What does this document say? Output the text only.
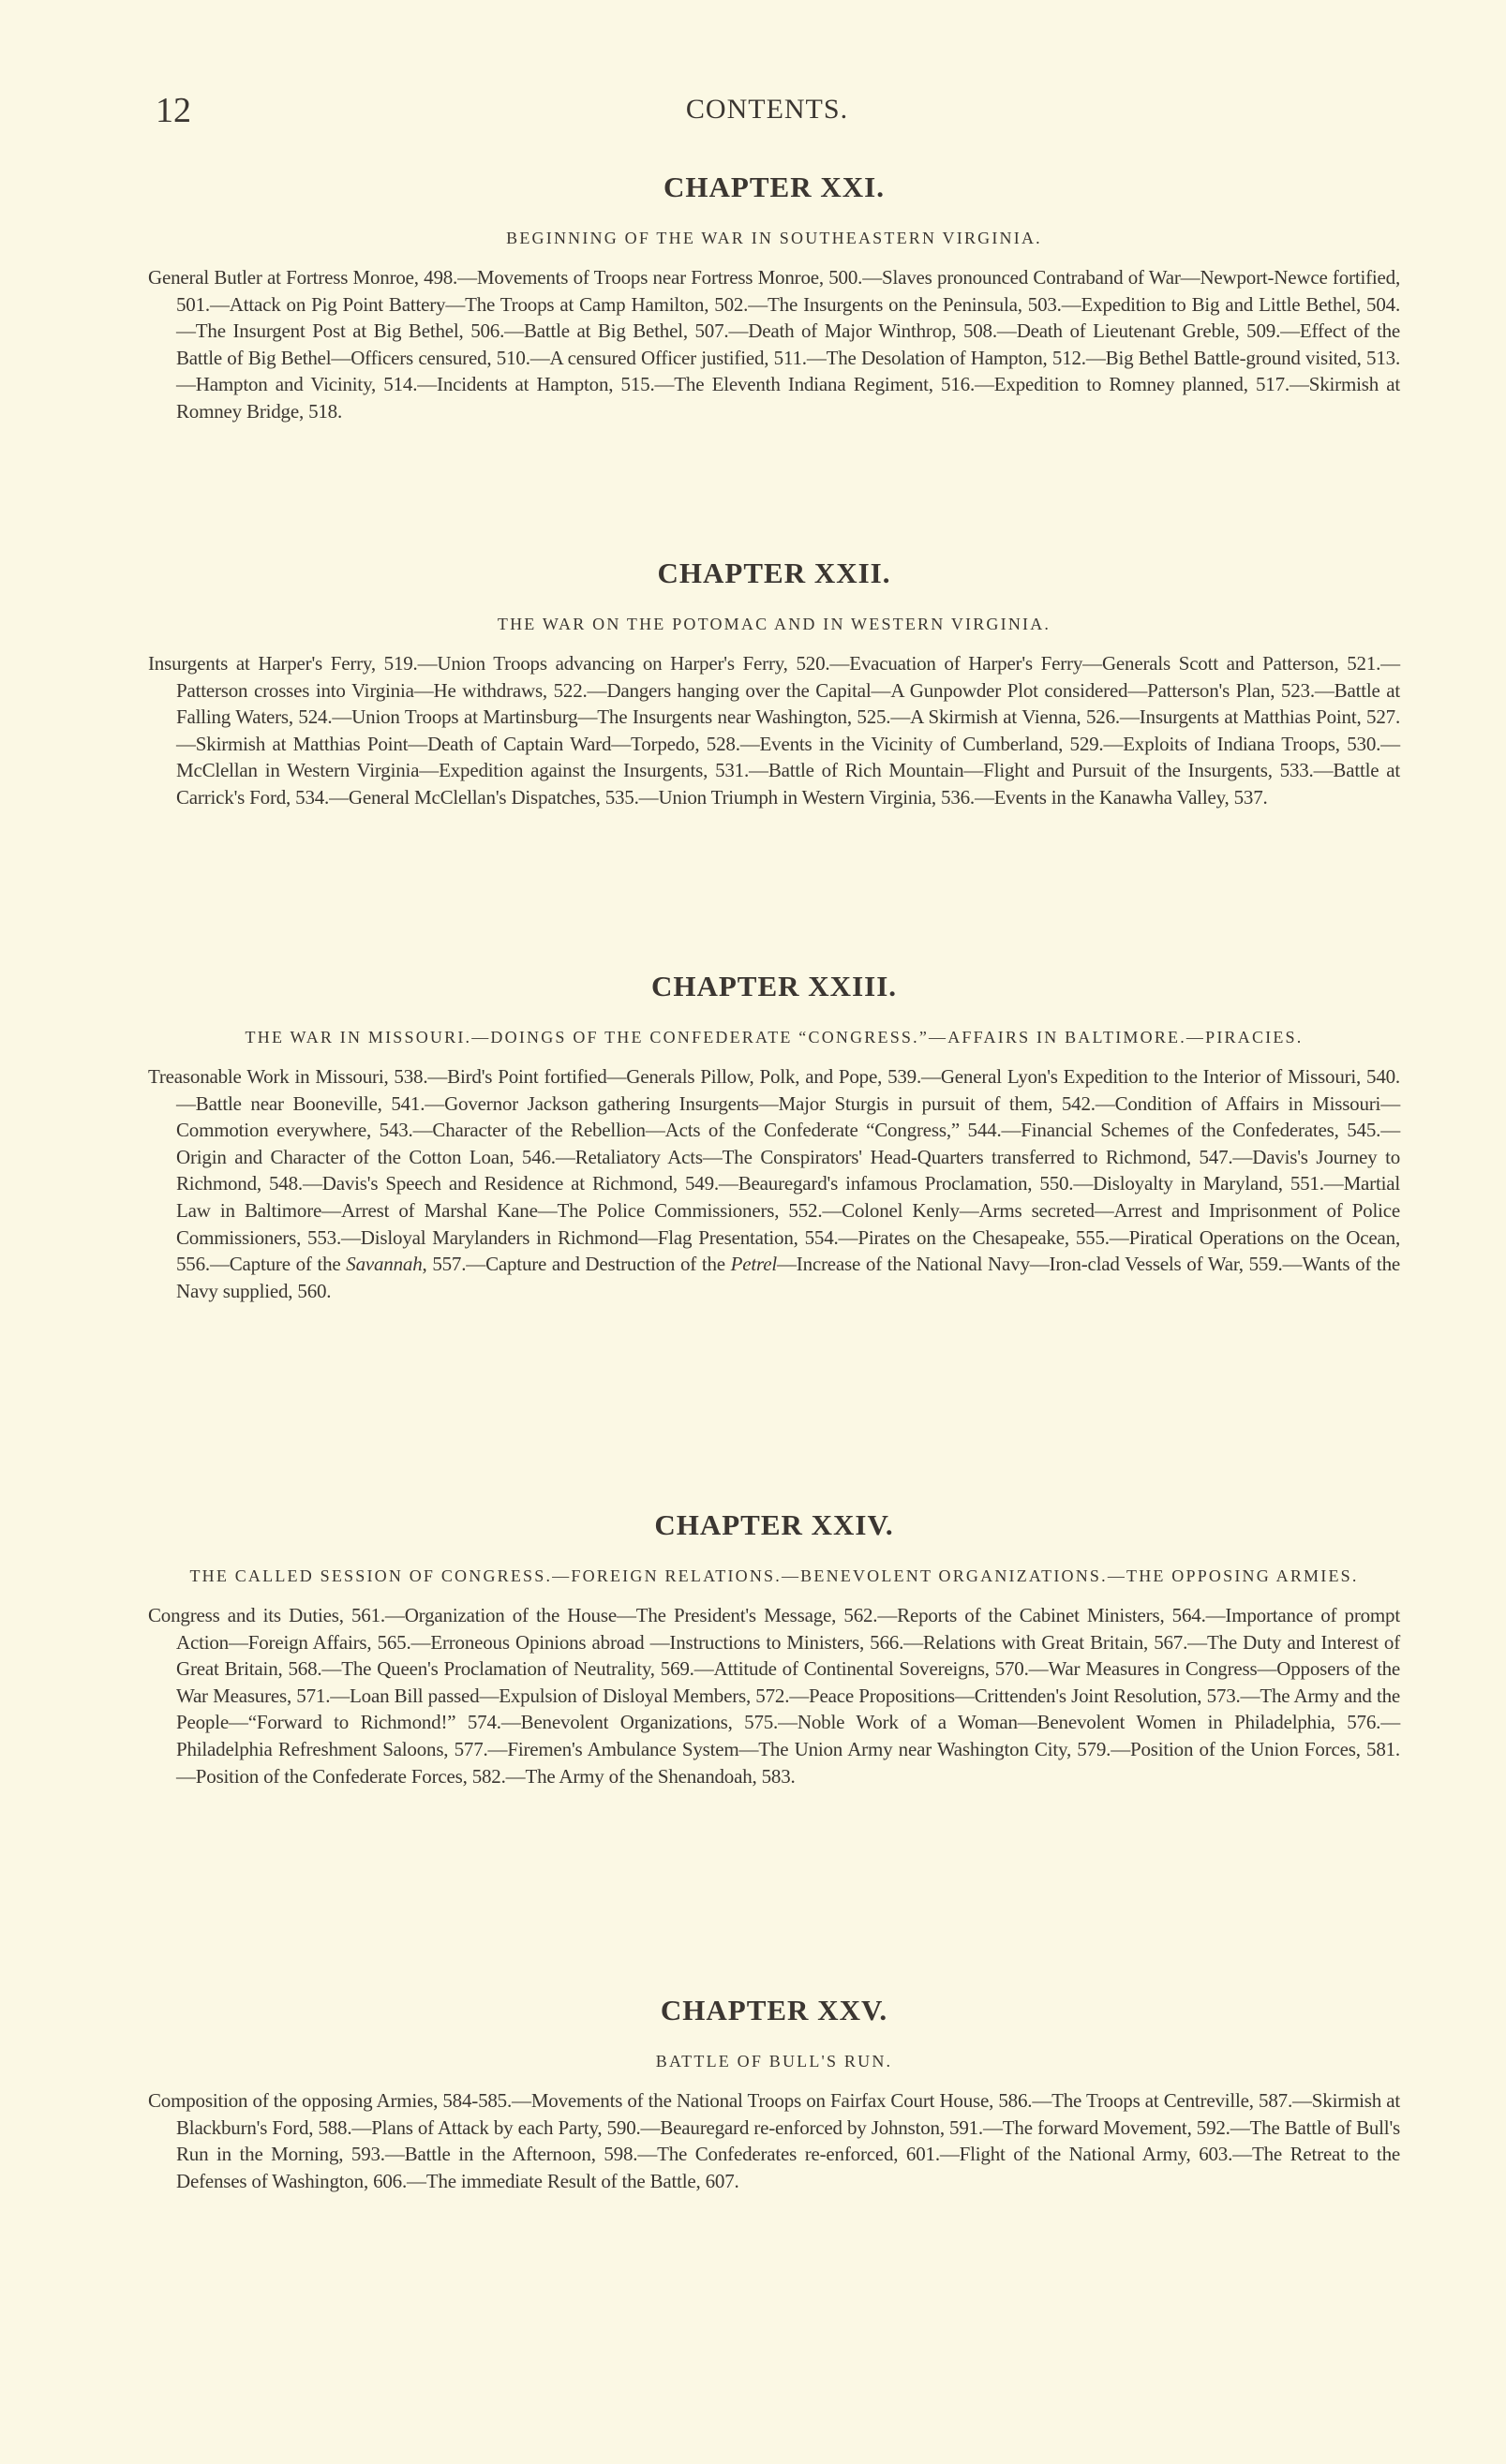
12	CONTENTS.
CHAPTER XXI.
BEGINNING OF THE WAR IN SOUTHEASTERN VIRGINIA.

General Butler at Fortress Monroe, 498.—Movements of Troops near Fortress Monroe, 500.—Slaves pronounced Contraband of War—Newport-Newce fortified, 501.—Attack on Pig Point Battery—The Troops at Camp Hamilton, 502.—The Insurgents on the Peninsula, 503.—Expedition to Big and Little Bethel, 504.—The Insurgent Post at Big Bethel, 506.—Battle at Big Bethel, 507.—Death of Major Winthrop, 508.—Death of Lieutenant Greble, 509.—Effect of the Battle of Big Bethel—Officers censured, 510.—A censured Officer justified, 511.—The Desolation of Hampton, 512.—Big Bethel Battle-ground visited, 513.—Hampton and Vicinity, 514.—Incidents at Hampton, 515.—The Eleventh Indiana Regiment, 516.—Expedition to Romney planned, 517.—Skirmish at Romney Bridge, 518.

CHAPTER XXII.
THE WAR ON THE POTOMAC AND IN WESTERN VIRGINIA.

Insurgents at Harper's Ferry, 519.—Union Troops advancing on Harper's Ferry, 520.—Evacuation of Harper's Ferry—Generals Scott and Patterson, 521.—Patterson crosses into Virginia—He withdraws, 522.—Dangers hanging over the Capital—A Gunpowder Plot considered—Patterson's Plan, 523.—Battle at Falling Waters, 524.—Union Troops at Martinsburg—The Insurgents near Washington, 525.—A Skirmish at Vienna, 526.—Insurgents at Matthias Point, 527.—Skirmish at Matthias Point—Death of Captain Ward—Torpedo, 528.—Events in the Vicinity of Cumberland, 529.—Exploits of Indiana Troops, 530.—McClellan in Western Virginia—Expedition against the Insurgents, 531.—Battle of Rich Mountain—Flight and Pursuit of the Insurgents, 533.—Battle at Carrick's Ford, 534.—General McClellan's Dispatches, 535.—Union Triumph in Western Virginia, 536.—Events in the Kanawha Valley, 537.

CHAPTER XXIII.
THE WAR IN MISSOURI.—DOINGS OF THE CONFEDERATE “CONGRESS.”—AFFAIRS IN BALTIMORE.—PIRACIES.

Treasonable Work in Missouri, 538.—Bird's Point fortified—Generals Pillow, Polk, and Pope, 539.—General Lyon's Expedition to the Interior of Missouri, 540.—Battle near Booneville, 541.—Governor Jackson gathering Insurgents—Major Sturgis in pursuit of them, 542.—Condition of Affairs in Missouri—Commotion everywhere, 543.—Character of the Rebellion—Acts of the Confederate “Congress,” 544.—Financial Schemes of the Confederates, 545.—Origin and Character of the Cotton Loan, 546.—Retaliatory Acts—The Conspirators' Head-Quarters transferred to Richmond, 547.—Davis's Journey to Richmond, 548.—Davis's Speech and Residence at Richmond, 549.—Beauregard's infamous Proclamation, 550.—Disloyalty in Maryland, 551.—Martial Law in Baltimore—Arrest of Marshal Kane—The Police Commissioners, 552.—Colonel Kenly—Arms secreted—Arrest and Imprisonment of Police Commissioners, 553.—Disloyal Marylanders in Richmond—Flag Presentation, 554.—Pirates on the Chesapeake, 555.—Piratical Operations on the Ocean, 556.—Capture of the Savannah, 557.—Capture and Destruction of the Petrel—Increase of the National Navy—Iron-clad Vessels of War, 559.—Wants of the Navy supplied, 560.

CHAPTER XXIV.
THE CALLED SESSION OF CONGRESS.—FOREIGN RELATIONS.—BENEVOLENT ORGANIZATIONS.—THE OPPOSING ARMIES.

Congress and its Duties, 561.—Organization of the House—The President's Message, 562.—Reports of the Cabinet Ministers, 564.—Importance of prompt Action—Foreign Affairs, 565.—Erroneous Opinions abroad —Instructions to Ministers, 566.—Relations with Great Britain, 567.—The Duty and Interest of Great Britain, 568.—The Queen's Proclamation of Neutrality, 569.—Attitude of Continental Sovereigns, 570.—War Measures in Congress—Opposers of the War Measures, 571.—Loan Bill passed—Expulsion of Disloyal Members, 572.—Peace Propositions—Crittenden's Joint Resolution, 573.—The Army and the People—“Forward to Richmond!” 574.—Benevolent Organizations, 575.—Noble Work of a Woman—Benevolent Women in Philadelphia, 576.—Philadelphia Refreshment Saloons, 577.—Firemen's Ambulance System—The Union Army near Washington City, 579.—Position of the Union Forces, 581.—Position of the Confederate Forces, 582.—The Army of the Shenandoah, 583.

CHAPTER XXV.
BATTLE OF BULL'S RUN.

Composition of the opposing Armies, 584-585.—Movements of the National Troops on Fairfax Court House, 586.—The Troops at Centreville, 587.—Skirmish at Blackburn's Ford, 588.—Plans of Attack by each Party, 590.—Beauregard re-enforced by Johnston, 591.—The forward Movement, 592.—The Battle of Bull's Run in the Morning, 593.—Battle in the Afternoon, 598.—The Confederates re-enforced, 601.—Flight of the National Army, 603.—The Retreat to the Defenses of Washington, 606.—The immediate Result of the Battle, 607.
